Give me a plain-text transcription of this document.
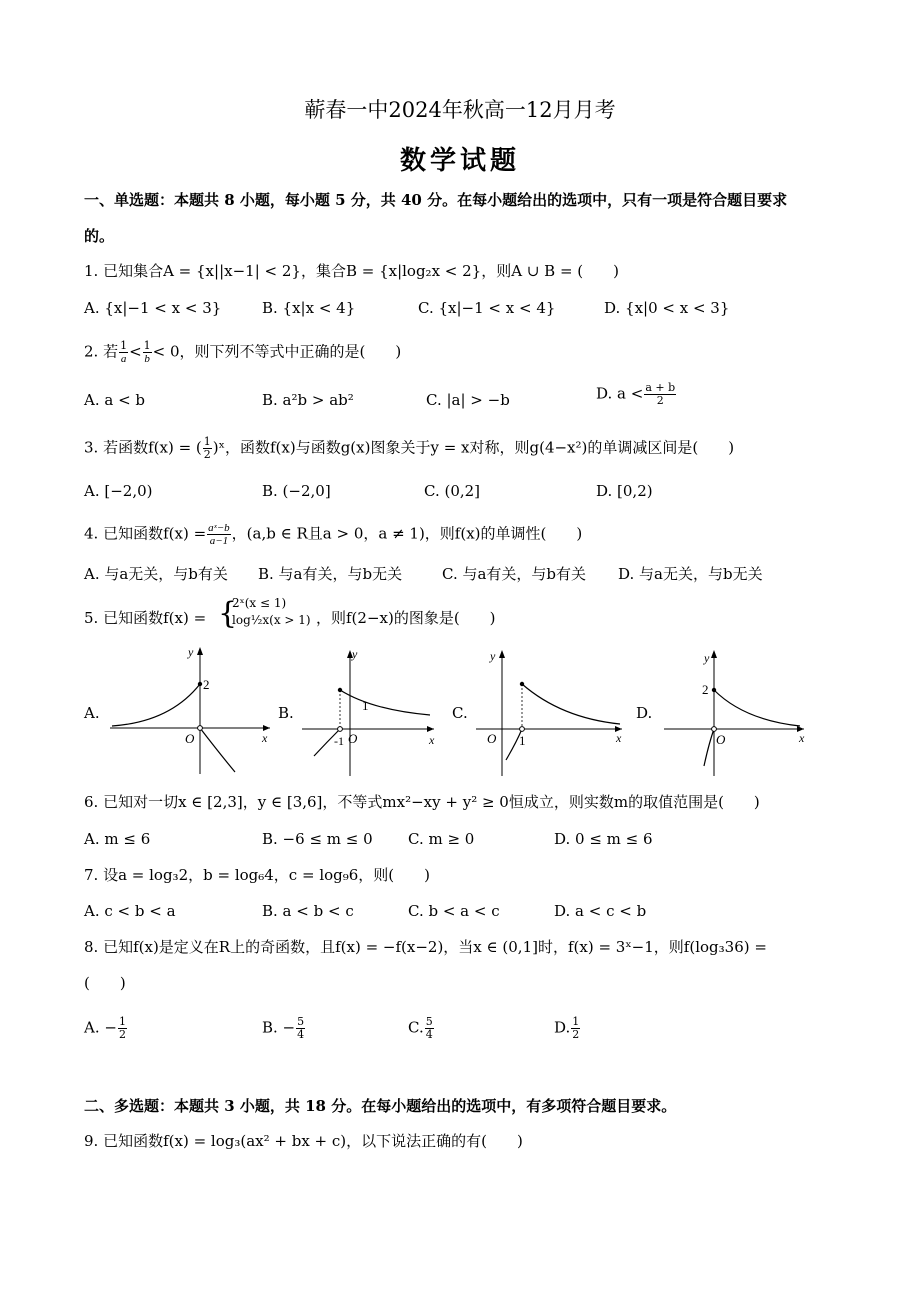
蕲春一中2024年秋高一12月月考
数学试题
一、单选题：本题共 8 小题，每小题 5 分，共 40 分。在每小题给出的选项中，只有一项是符合题目要求
的。
1. 已知集合A = {x||x−1| < 2}，集合B = {x|log₂x < 2}，则A ∪ B = (　　)
A. {x|−1 < x < 3}	B. {x|x < 4}	C. {x|−1 < x < 4}	D. {x|0 < x < 3}
2. 若 $\frac{1}{a} < \frac{1}{b} < 0$，则下列不等式中正确的是(　　)
A. a < b	B. a²b > ab²	C. |a| > −b	D. $a < \frac{a + b}{2}$
3. 若函数f(x) = ( $\frac{1}{2}$ )ˣ，函数f(x)与函数g(x)图象关于y = x对称，则g(4−x²)的单调减区间是(　　)
A. [−2,0)	B. (−2,0]	C. (0,2]	D. [0,2)
4. 已知函数$f(x) = \frac{\text{aˣ−b}}{a-1}$ ，(a,b ∈ R且a > 0，a ≠ 1)，则f(x)的单调性(　　)
A. 与a无关，与b有关 B. 与a有关，与b无关	C. 与a有关，与b有关 D. 与a无关，与b无关
5. 已知函数f(x) = {
2ˣ(x ≤ 1)
log½x(x > 1) ，则f(2−x)的图象是(　　)
A.	B.	C.	D.
y
x
O
2
y
x
O
1
-1
y
x
O 1
y
x
O
2
6. 已知对一切x ∈ [2,3]，y ∈ [3,6]，不等式mx²−xy + y² ≥ 0恒成立，则实数m的取值范围是(　　)
A. m ≤ 6	B. −6 ≤ m ≤ 0 C. m ≥ 0	D. 0 ≤ m ≤ 6
7. 设a = log₃2，b = log₆4，c = log₉6，则(　　)
A. c < b < a	B. a < b < c	C. b < a < c	D. a < c < b
8. 已知f(x)是定义在R上的奇函数，且f(x) = −f(x−2)，当x ∈ (0,1]时，f(x) = 3ˣ−1，则f(log₃36) =
(　　)
A. − $\frac{1}{2}$	B. − $\frac{5}{4}$	C. $\frac{5}{4}$	D. $\frac{1}{2}$
二、多选题：本题共 3 小题，共 18 分。在每小题给出的选项中，有多项符合题目要求。
9. 已知函数f(x) = log₃(ax² + bx + c)，以下说法正确的有(　　)
